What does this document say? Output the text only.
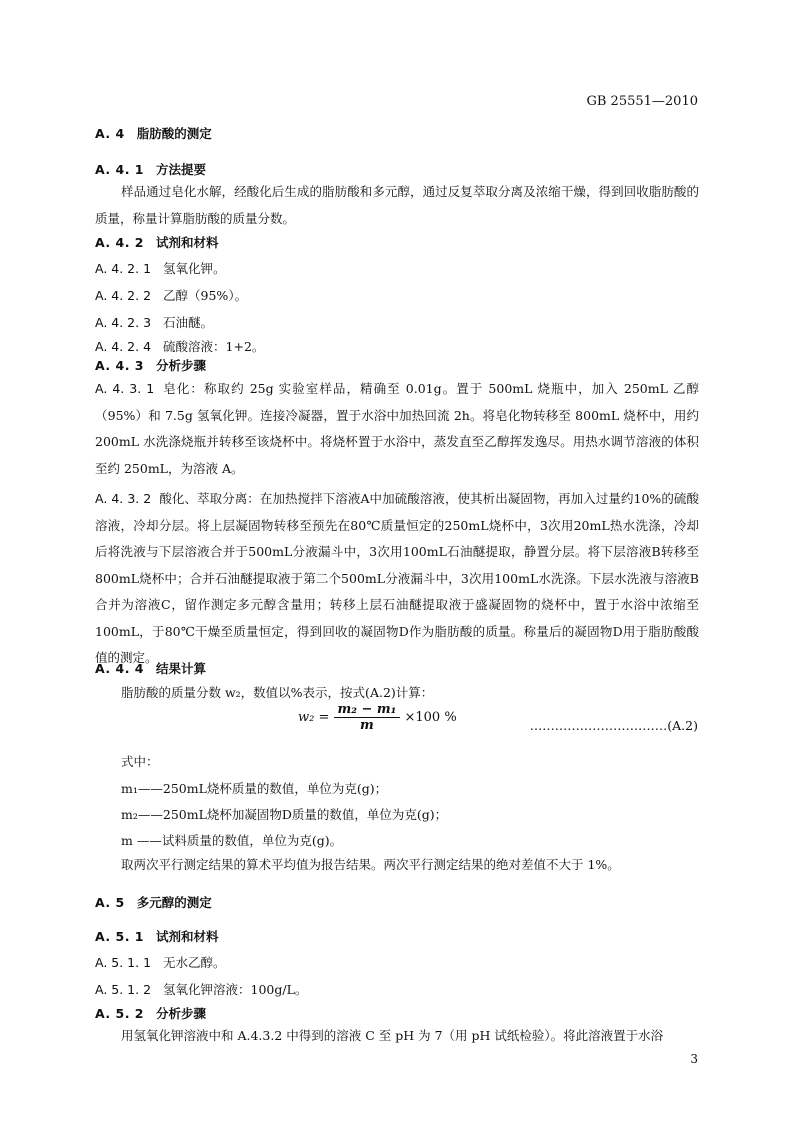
GB 25551—2010
A. 4 脂肪酸的测定
A. 4. 1 方法提要
样品通过皂化水解，经酸化后生成的脂肪酸和多元醇，通过反复萃取分离及浓缩干燥，得到回收脂肪酸的质量，称量计算脂肪酸的质量分数。
A. 4. 2 试剂和材料
A. 4. 2. 1 氢氧化钾。
A. 4. 2. 2 乙醇（95%）。
A. 4. 2. 3 石油醚。
A. 4. 2. 4 硫酸溶液：1+2。
A. 4. 3 分析步骤
A. 4. 3. 1 皂化：称取约 25g 实验室样品，精确至 0.01g。置于 500mL 烧瓶中，加入 250mL 乙醇（95%）和 7.5g 氢氧化钾。连接冷凝器，置于水浴中加热回流 2h。将皂化物转移至 800mL 烧杯中，用约 200mL 水洗涤烧瓶并转移至该烧杯中。将烧杯置于水浴中，蒸发直至乙醇挥发逸尽。用热水调节溶液的体积至约 250mL，为溶液 A。
A. 4. 3. 2 酸化、萃取分离：在加热搅拌下溶液A中加硫酸溶液，使其析出凝固物，再加入过量约10%的硫酸溶液，冷却分层。将上层凝固物转移至预先在80℃质量恒定的250mL烧杯中，3次用20mL热水洗涤，冷却后将洗液与下层溶液合并于500mL分液漏斗中，3次用100mL石油醚提取，静置分层。将下层溶液B转移至800mL烧杯中；合并石油醚提取液于第二个500mL分液漏斗中，3次用100mL水洗涤。下层水洗液与溶液B合并为溶液C，留作测定多元醇含量用；转移上层石油醚提取液于盛凝固物的烧杯中，置于水浴中浓缩至100mL，于80℃干燥至质量恒定，得到回收的凝固物D作为脂肪酸的质量。称量后的凝固物D用于脂肪酸酸值的测定。
A. 4. 4 结果计算
脂肪酸的质量分数 w₂，数值以%表示，按式(A.2)计算：
$w_2 = \frac{\text{m₂ − m₁}}{m} \times 100$ %
……………………………(A.2)
式中：
m₁——250mL烧杯质量的数值，单位为克(g)；
m₂——250mL烧杯加凝固物D质量的数值，单位为克(g)；
m ——试料质量的数值，单位为克(g)。
取两次平行测定结果的算术平均值为报告结果。两次平行测定结果的绝对差值不大于 1%。
A. 5 多元醇的测定
A. 5. 1 试剂和材料
A. 5. 1. 1 无水乙醇。
A. 5. 1. 2 氢氧化钾溶液：100g/L。
A. 5. 2 分析步骤
用氢氧化钾溶液中和 A.4.3.2 中得到的溶液 C 至 pH 为 7（用 pH 试纸检验）。将此溶液置于水浴
3
